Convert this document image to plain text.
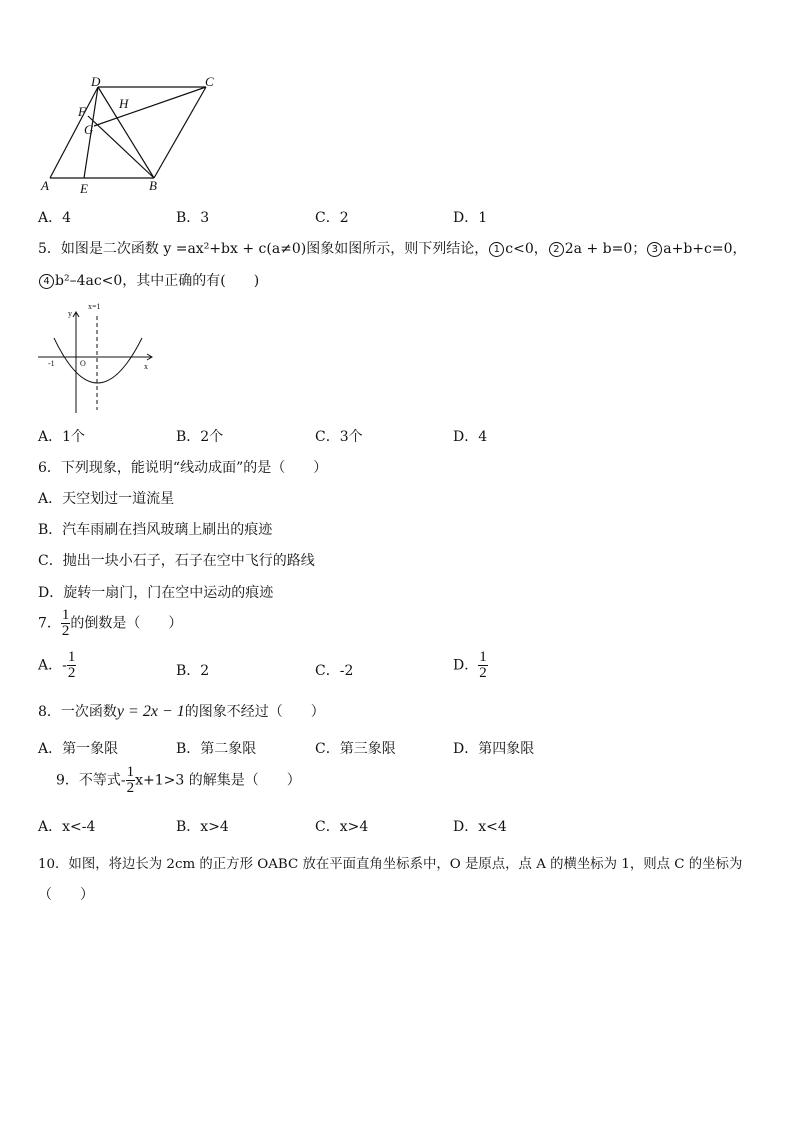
D	C
H
F
G
A E	B
A．4	B．3	C．2	D．1
5．如图是二次函数 y =ax²+bx + c(a≠0)图象如图所示，则下列结论， 1 c<0， 2 2a + b=0； 3 a+b+c=0，
4 b²–4ac<0，其中正确的有(　　)
y
x
x=1
O
-1
A．1个	B．2个	C．3个	D．4
6．下列现象，能说明“线动成面”的是（　　）
A．天空划过一道流星
B．汽车雨刷在挡风玻璃上刷出的痕迹
C．抛出一块小石子，石子在空中飞行的路线
D．旋转一扇门，门在空中运动的痕迹
7． $\frac{1}{2}$ 的倒数是（　　）
A．- $\frac{1}{2}$	B．2	C．-2	D． $\frac{1}{2}$
8．一次函数y = 2x − 1的图象不经过（　　）
A．第一象限	B．第二象限	C．第三象限	D．第四象限
9．不等式- $\frac{1}{2} x+1>3$ 的解集是（　　）
A．x<-4	B．x>4	C．x>4	D．x<4
10．如图，将边长为 2cm 的正方形 OABC 放在平面直角坐标系中，O 是原点，点 A 的横坐标为 1，则点 C 的坐标为
（　　）
